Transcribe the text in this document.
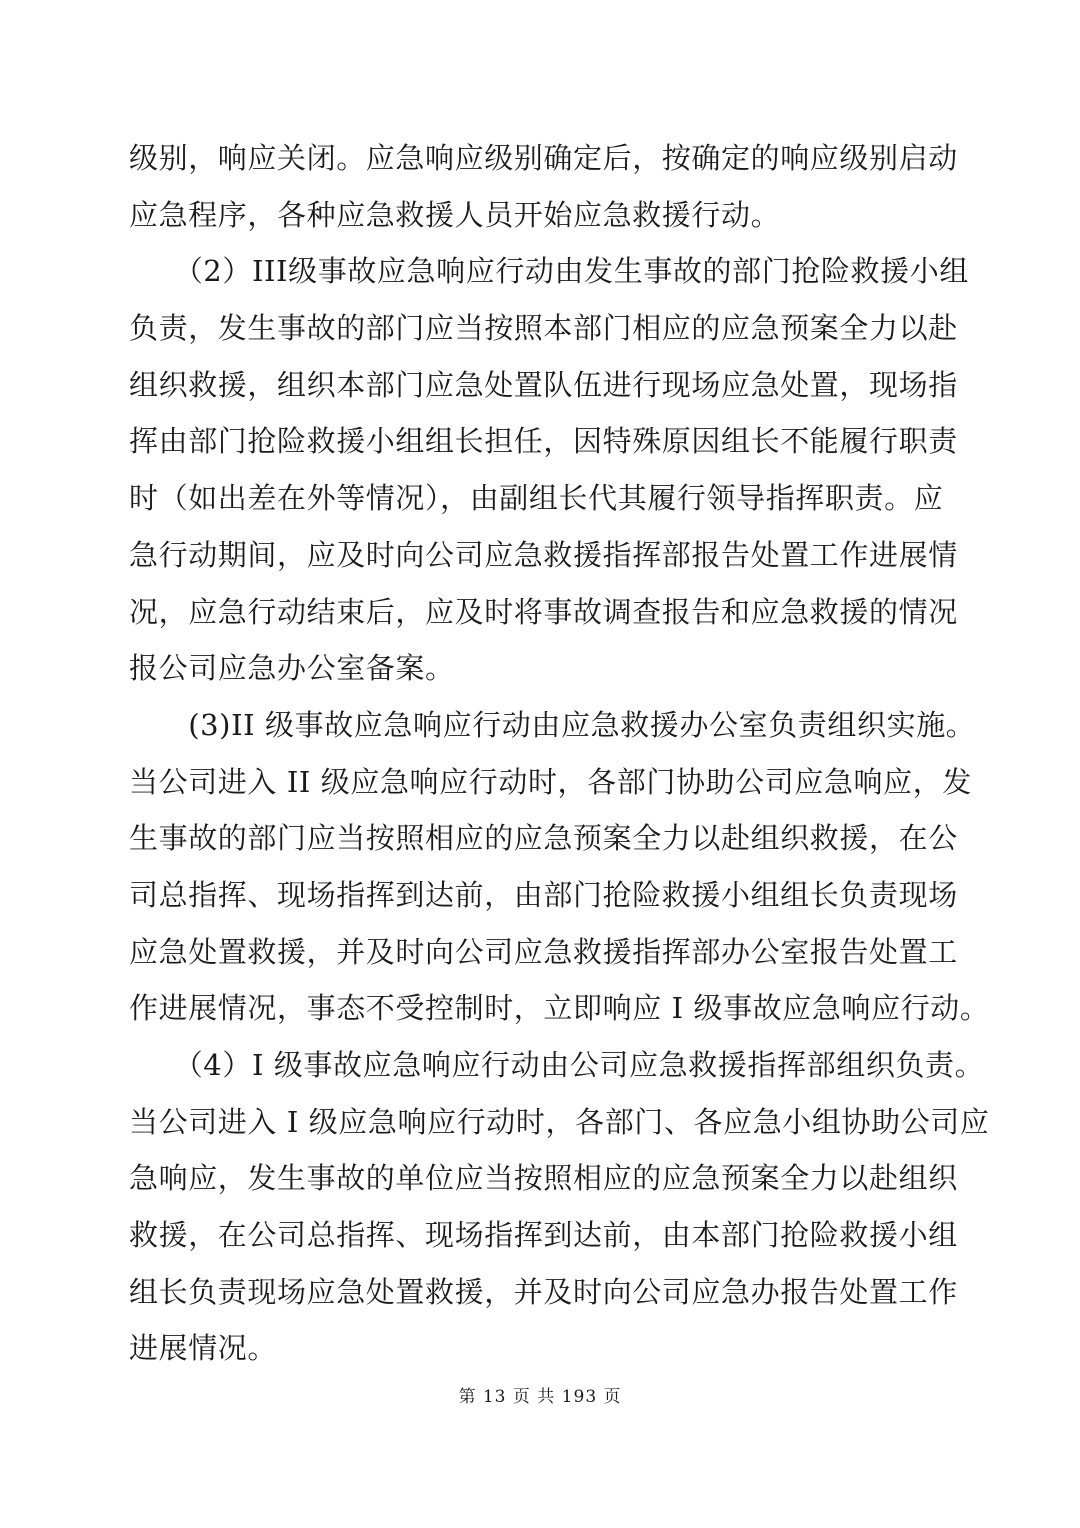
级别，响应关闭。应急响应级别确定后，按确定的响应级别启动
应急程序，各种应急救援人员开始应急救援行动。
　　（2）III级事故应急响应行动由发生事故的部门抢险救援小组
负责，发生事故的部门应当按照本部门相应的应急预案全力以赴
组织救援，组织本部门应急处置队伍进行现场应急处置，现场指
挥由部门抢险救援小组组长担任，因特殊原因组长不能履行职责
时（如出差在外等情况），由副组长代其履行领导指挥职责。应
急行动期间，应及时向公司应急救援指挥部报告处置工作进展情
况，应急行动结束后，应及时将事故调查报告和应急救援的情况
报公司应急办公室备案。
　　(3)II 级事故应急响应行动由应急救援办公室负责组织实施。
当公司进入 II 级应急响应行动时，各部门协助公司应急响应，发
生事故的部门应当按照相应的应急预案全力以赴组织救援，在公
司总指挥、现场指挥到达前，由部门抢险救援小组组长负责现场
应急处置救援，并及时向公司应急救援指挥部办公室报告处置工
作进展情况，事态不受控制时，立即响应 I 级事故应急响应行动。
　　（4）I 级事故应急响应行动由公司应急救援指挥部组织负责。
当公司进入 I 级应急响应行动时，各部门、各应急小组协助公司应
急响应，发生事故的单位应当按照相应的应急预案全力以赴组织
救援，在公司总指挥、现场指挥到达前，由本部门抢险救援小组
组长负责现场应急处置救援，并及时向公司应急办报告处置工作
进展情况。
第 13 页 共 193 页
